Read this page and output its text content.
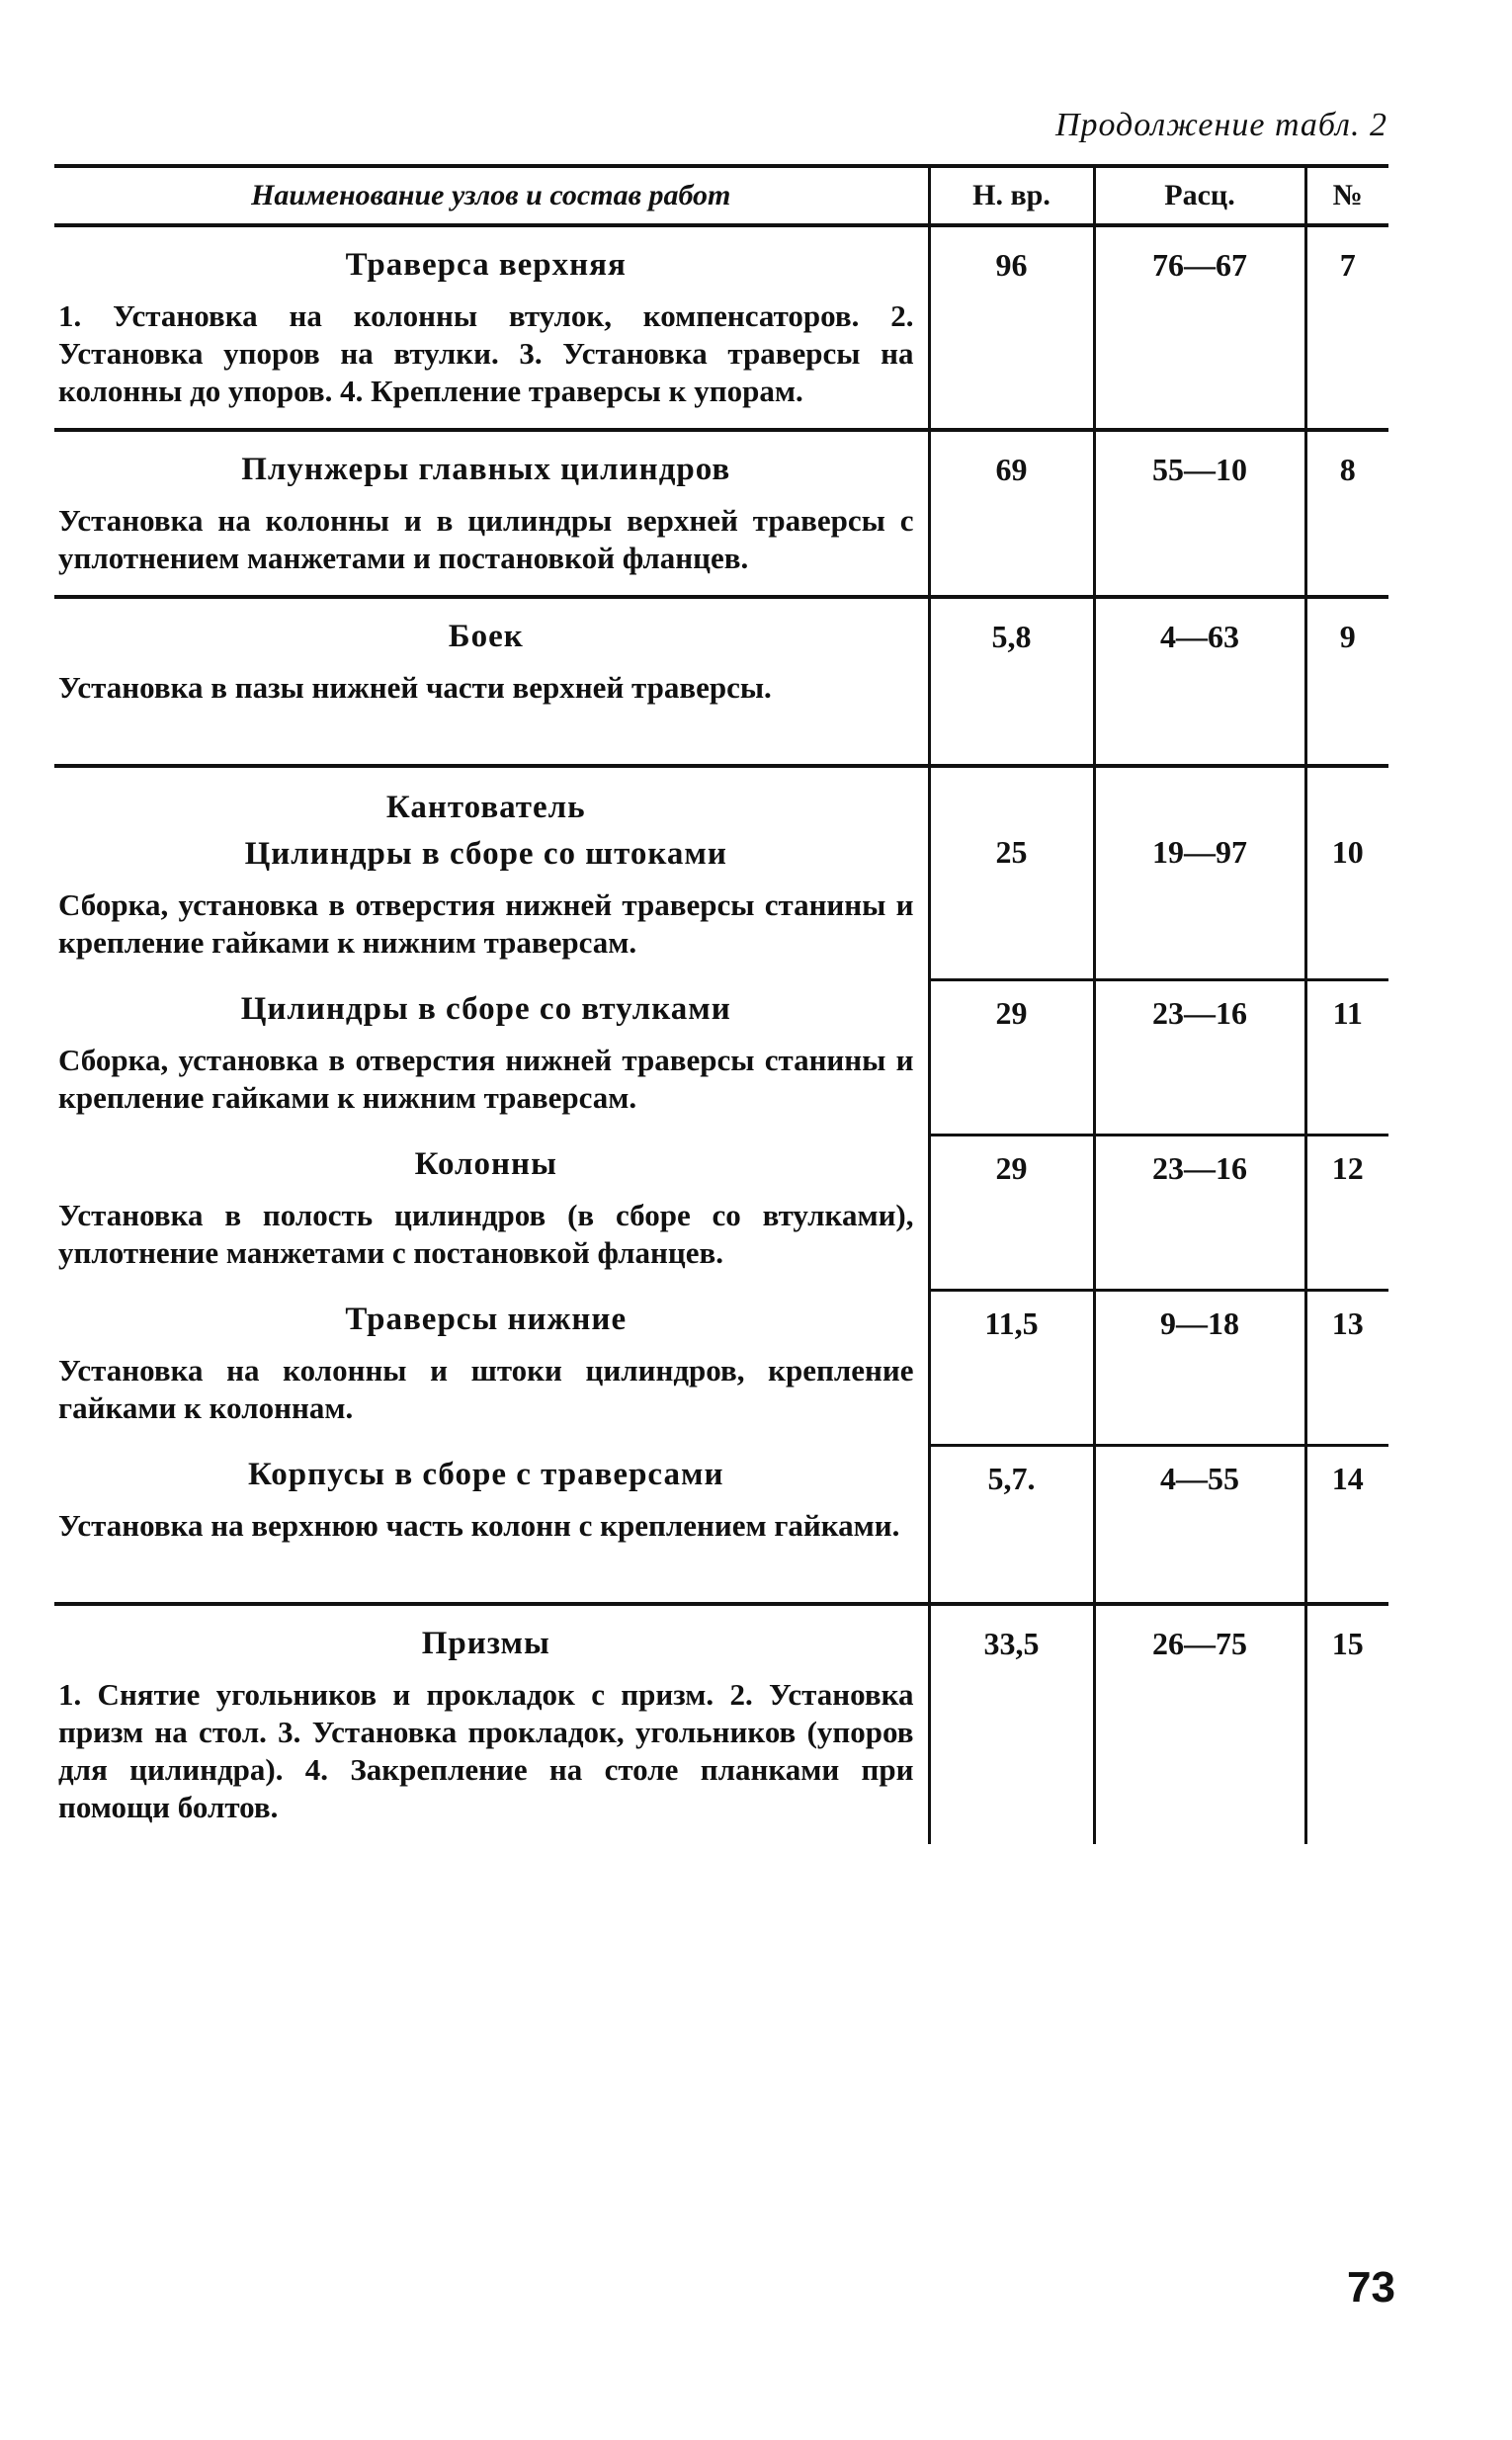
Продолжение табл. 2
Наименование узлов и состав работ	Н. вр.	Расц.	№

Траверса верхняя
1. Установка на колонны втулок, компенсаторов. 2. Установка упоров на втулки. 3. Установка траверсы на колонны до упоров. 4. Крепление траверсы к упорам.	96	76—67	7

Плунжеры главных цилиндров
Установка на колонны и в цилиндры верхней траверсы с уплотнением манжетами и постановкой фланцев.	69	55—10	8

Боек
Установка в пазы нижней части верхней траверсы.	5,8	4—63	9

Кантователь			

Цилиндры в сборе со штоками
Сборка, установка в отверстия нижней траверсы станины и крепление гайками к нижним траверсам.	25	19—97	10

Цилиндры в сборе со втулками
Сборка, установка в отверстия нижней траверсы станины и крепление гайками к нижним траверсам.	29	23—16	11

Колонны
Установка в полость цилиндров (в сборе со втулками), уплотнение манжетами с постановкой фланцев.	29	23—16	12

Траверсы нижние
Установка на колонны и штоки цилиндров, крепление гайками к колоннам.	11,5	9—18	13

Корпусы в сборе с траверсами
Установка на верхнюю часть колонн с креплением гайками.	5,7.	4—55	14

Призмы
1. Снятие угольников и прокладок с призм. 2. Установка призм на стол. 3. Установка прокладок, угольников (упоров для цилиндра). 4. Закрепление на столе планками при помощи болтов.	33,5	26—75	15
73
